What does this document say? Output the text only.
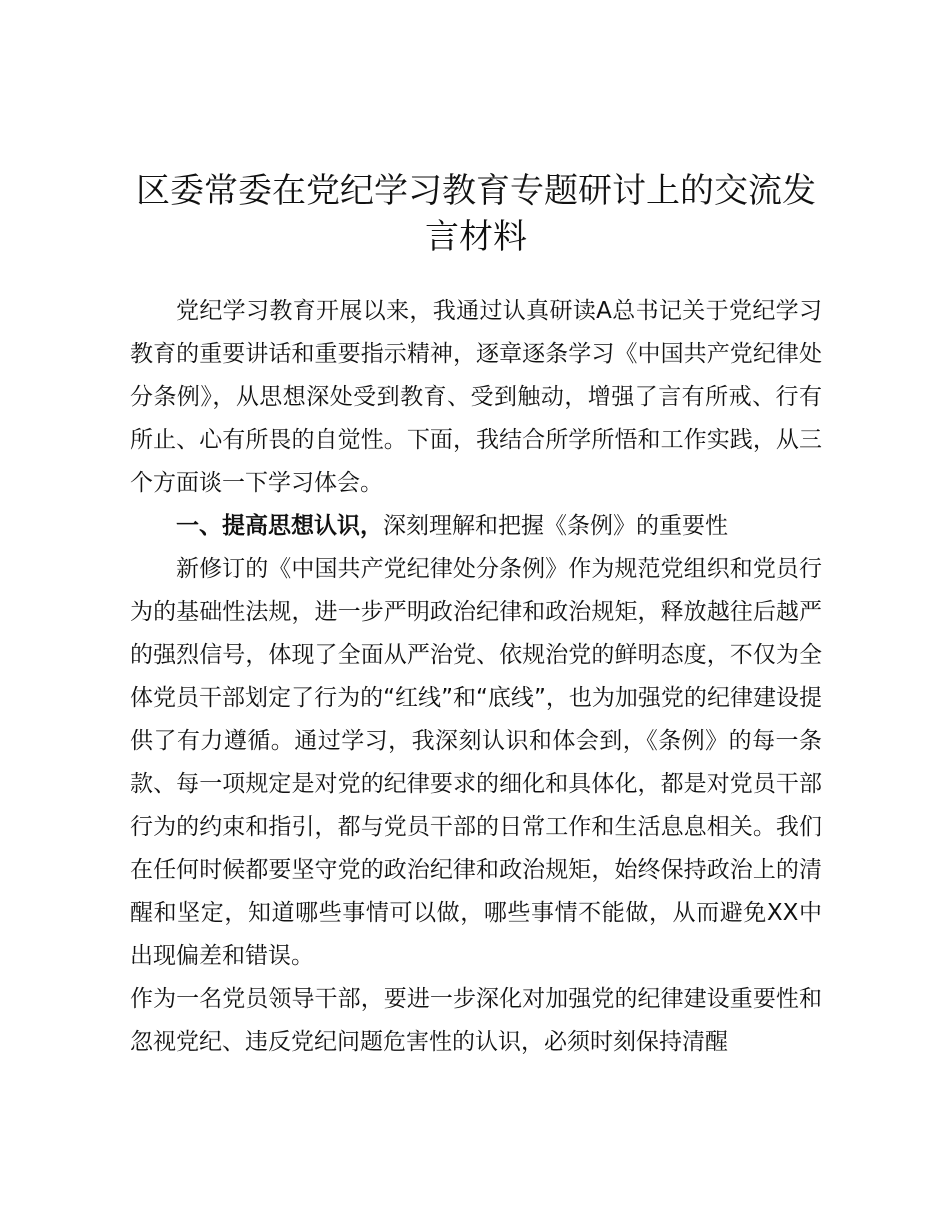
区委常委在党纪学习教育专题研讨上的交流发
言材料

党纪学习教育开展以来，我通过认真研读A总书记关于党纪学习教育的重要讲话和重要指示精神，逐章逐条学习《中国共产党纪律处分条例》，从思想深处受到教育、受到触动，增强了言有所戒、行有所止、心有所畏的自觉性。下面，我结合所学所悟和工作实践，从三个方面谈一下学习体会。

一、提高思想认识，深刻理解和把握《条例》的重要性

新修订的《中国共产党纪律处分条例》作为规范党组织和党员行为的基础性法规，进一步严明政治纪律和政治规矩，释放越往后越严的强烈信号，体现了全面从严治党、依规治党的鲜明态度，不仅为全体党员干部划定了行为的“红线”和“底线”，也为加强党的纪律建设提供了有力遵循。通过学习，我深刻认识和体会到，《条例》的每一条款、每一项规定是对党的纪律要求的细化和具体化，都是对党员干部行为的约束和指引，都与党员干部的日常工作和生活息息相关。我们在任何时候都要坚守党的政治纪律和政治规矩，始终保持政治上的清醒和坚定，知道哪些事情可以做，哪些事情不能做，从而避免XX中出现偏差和错误。

作为一名党员领导干部，要进一步深化对加强党的纪律建设重要性和忽视党纪、违反党纪问题危害性的认识，必须时刻保持清醒
